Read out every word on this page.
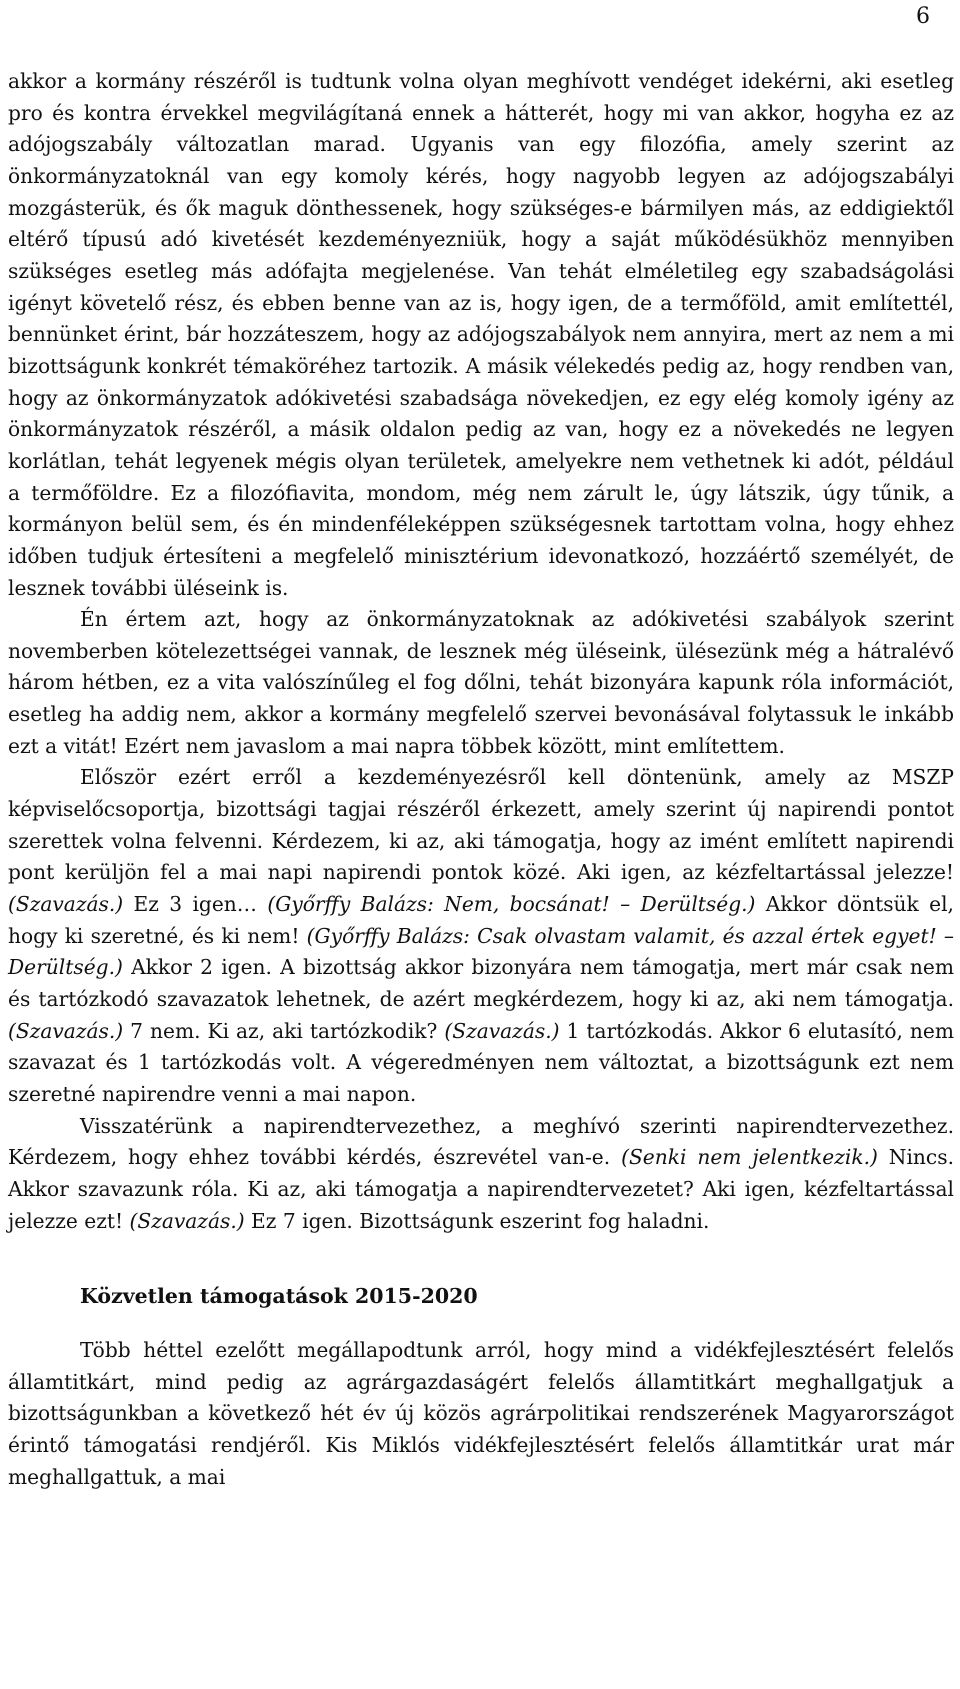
6

akkor a kormány részéről is tudtunk volna olyan meghívott vendéget idekérni, aki esetleg pro és kontra érvekkel megvilágítaná ennek a hátterét, hogy mi van akkor, hogyha ez az adójogszabály változatlan marad. Ugyanis van egy filozófia, amely szerint az önkormányzatoknál van egy komoly kérés, hogy nagyobb legyen az adójogszabályi mozgásterük, és ők maguk dönthessenek, hogy szükséges-e bármilyen más, az eddigiektől eltérő típusú adó kivetését kezdeményezniük, hogy a saját működésükhöz mennyiben szükséges esetleg más adófajta megjelenése. Van tehát elméletileg egy szabadságolási igényt követelő rész, és ebben benne van az is, hogy igen, de a termőföld, amit említettél, bennünket érint, bár hozzáteszem, hogy az adójogszabályok nem annyira, mert az nem a mi bizottságunk konkrét témaköréhez tartozik. A másik vélekedés pedig az, hogy rendben van, hogy az önkormányzatok adókivetési szabadsága növekedjen, ez egy elég komoly igény az önkormányzatok részéről, a másik oldalon pedig az van, hogy ez a növekedés ne legyen korlátlan, tehát legyenek mégis olyan területek, amelyekre nem vethetnek ki adót, például a termőföldre. Ez a filozófiavita, mondom, még nem zárult le, úgy látszik, úgy tűnik, a kormányon belül sem, és én mindenféleképpen szükségesnek tartottam volna, hogy ehhez időben tudjuk értesíteni a megfelelő minisztérium idevonatkozó, hozzáértő személyét, de lesznek további üléseink is.

Én értem azt, hogy az önkormányzatoknak az adókivetési szabályok szerint novemberben kötelezettségei vannak, de lesznek még üléseink, ülésezünk még a hátralévő három hétben, ez a vita valószínűleg el fog dőlni, tehát bizonyára kapunk róla információt, esetleg ha addig nem, akkor a kormány megfelelő szervei bevonásával folytassuk le inkább ezt a vitát! Ezért nem javaslom a mai napra többek között, mint említettem.

Először ezért erről a kezdeményezésről kell döntenünk, amely az MSZP képviselőcsoportja, bizottsági tagjai részéről érkezett, amely szerint új napirendi pontot szerettek volna felvenni. Kérdezem, ki az, aki támogatja, hogy az imént említett napirendi pont kerüljön fel a mai napi napirendi pontok közé. Aki igen, az kézfeltartással jelezze! (Szavazás.) Ez 3 igen… (Győrffy Balázs: Nem, bocsánat! – Derültség.) Akkor döntsük el, hogy ki szeretné, és ki nem! (Győrffy Balázs: Csak olvastam valamit, és azzal értek egyet! – Derültség.) Akkor 2 igen. A bizottság akkor bizonyára nem támogatja, mert már csak nem és tartózkodó szavazatok lehetnek, de azért megkérdezem, hogy ki az, aki nem támogatja. (Szavazás.) 7 nem. Ki az, aki tartózkodik? (Szavazás.) 1 tartózkodás. Akkor 6 elutasító, nem szavazat és 1 tartózkodás volt. A végeredményen nem változtat, a bizottságunk ezt nem szeretné napirendre venni a mai napon.

Visszatérünk a napirendtervezethez, a meghívó szerinti napirendtervezethez. Kérdezem, hogy ehhez további kérdés, észrevétel van-e. (Senki nem jelentkezik.) Nincs. Akkor szavazunk róla. Ki az, aki támogatja a napirendtervezetet? Aki igen, kézfeltartással jelezze ezt! (Szavazás.) Ez 7 igen. Bizottságunk eszerint fog haladni.

Közvetlen támogatások 2015-2020

Több héttel ezelőtt megállapodtunk arról, hogy mind a vidékfejlesztésért felelős államtitkárt, mind pedig az agrárgazdaságért felelős államtitkárt meghallgatjuk a bizottságunkban a következő hét év új közös agrárpolitikai rendszerének Magyarországot érintő támogatási rendjéről. Kis Miklós vidékfejlesztésért felelős államtitkár urat már meghallgattuk, a mai
